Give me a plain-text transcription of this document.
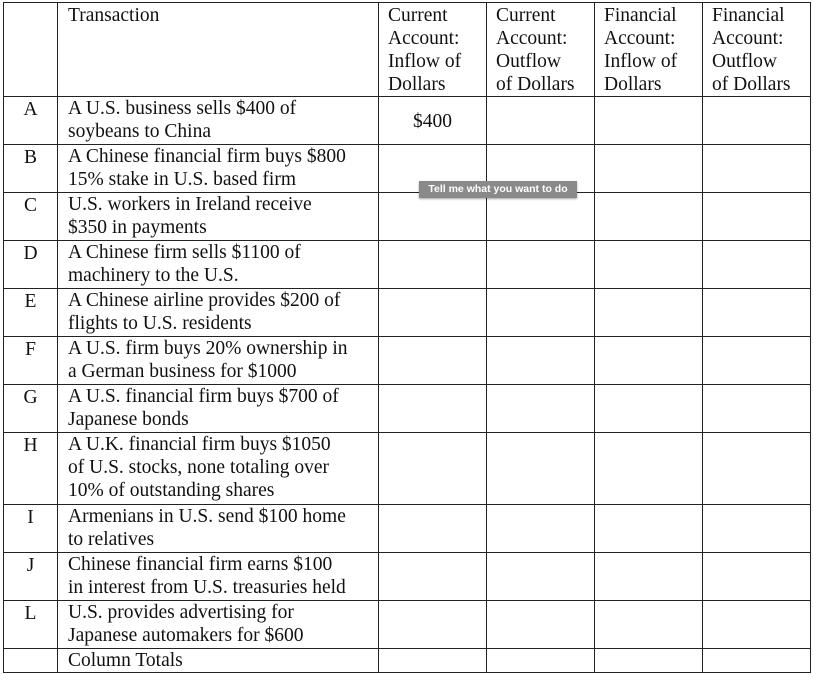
	Transaction	Current
Account:
Inflow of
Dollars	Current
Account:
Outflow
of Dollars	Financial
Account:
Inflow of
Dollars	Financial
Account:
Outflow
of Dollars

A	A U.S. business sells $400 of
soybeans to China	$400			

B	A Chinese financial firm buys $800
15% stake in U.S. based firm				

C	U.S. workers in Ireland receive
$350 in payments				

D	A Chinese firm sells $1100 of
machinery to the U.S.				

E	A Chinese airline provides $200 of
flights to U.S. residents				

F	A U.S. firm buys 20% ownership in
a German business for $1000				

G	A U.S. financial firm buys $700 of
Japanese bonds				

H	A U.K. financial firm buys $1050
of U.S. stocks, none totaling over
10% of outstanding shares				

I	Armenians in U.S. send $100 home
to relatives				

J	Chinese financial firm earns $100
in interest from U.S. treasuries held				

L	U.S. provides advertising for
Japanese automakers for $600				

	Column Totals				

Tell me what you want to do
